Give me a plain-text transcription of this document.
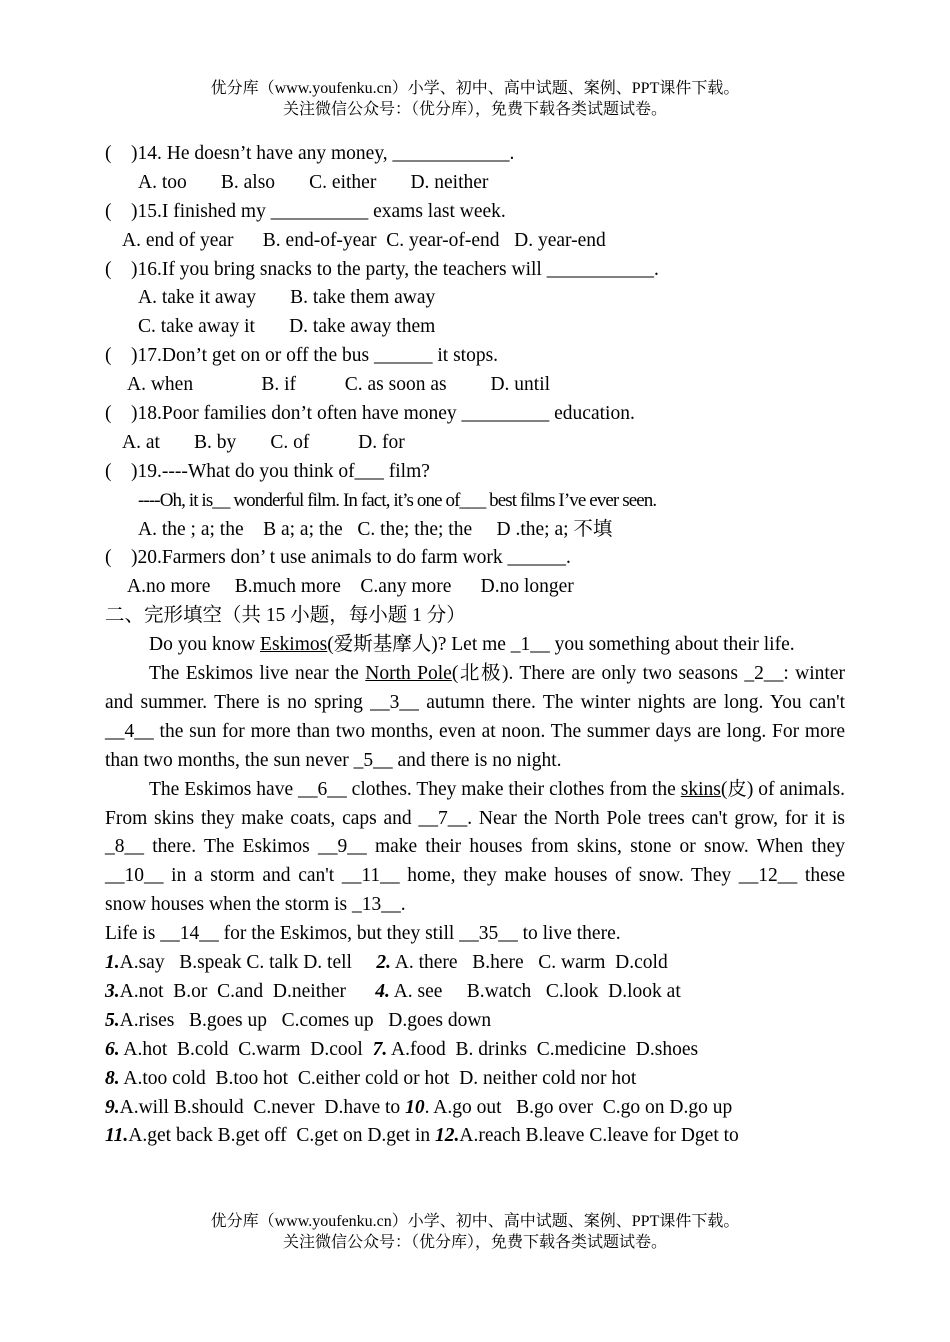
优分库（www.youfenku.cn）小学、初中、高中试题、案例、PPT课件下载。
关注微信公众号：（优分库），免费下载各类试题试卷。
(    )14. He doesn’t have any money, ____________.
A. too       B. also       C. either       D. neither
(    )15.I finished my __________ exams last week.
A. end of year      B. end-of-year  C. year-of-end   D. year-end
(    )16.If you bring snacks to the party, the teachers will ___________.
A. take it away       B. take them away
C. take away it       D. take away them
(    )17.Don’t get on or off the bus ______ it stops.
A. when              B. if          C. as soon as         D. until
(    )18.Poor families don’t often have money _________ education.
A. at       B. by       C. of          D. for
(    )19.----What do you think of___ film?
----Oh, it is__ wonderful film. In fact, it’s one of___ best films I’ve ever seen.
A. the ; a; the    B a; a; the   C. the; the; the     D .the; a; 不填
(    )20.Farmers don’ t use animals to do farm work ______.
A.no more     B.much more    C.any more      D.no longer
二、完形填空（共 15 小题，每小题 1 分）
Do you know Eskimos(爱斯基摩人)? Let me _1__ you something about their life.
The Eskimos live near the North Pole(北极). There are only two seasons _2__: winter and summer. There is no spring __3__ autumn there. The winter nights are long. You can't __4__ the sun for more than two months, even at noon. The summer days are long. For more than two months, the sun never _5__ and there is no night.
The Eskimos have __6__ clothes. They make their clothes from the skins(皮) of animals. From skins they make coats, caps and __7__. Near the North Pole trees can't grow, for it is _8__ there. The Eskimos __9__ make their houses from skins, stone or snow. When they __10__ in a storm and can't __11__ home, they make houses of snow. They __12__ these snow houses when the storm is _13__.
Life is __14__ for the Eskimos, but they still __35__ to live there.
1.A.say   B.speak C. talk D. tell     2. A. there   B.here   C. warm  D.cold
3.A.not  B.or  C.and  D.neither      4. A. see     B.watch   C.look  D.look at
5.A.rises   B.goes up   C.comes up   D.goes down
6. A.hot  B.cold  C.warm  D.cool  7. A.food  B. drinks  C.medicine  D.shoes
8. A.too cold  B.too hot  C.either cold or hot  D. neither cold nor hot
9.A.will B.should  C.never  D.have to 10. A.go out   B.go over  C.go on D.go up
11.A.get back B.get off  C.get on D.get in 12.A.reach B.leave C.leave for Dget to
优分库（www.youfenku.cn）小学、初中、高中试题、案例、PPT课件下载。
关注微信公众号：（优分库），免费下载各类试题试卷。
